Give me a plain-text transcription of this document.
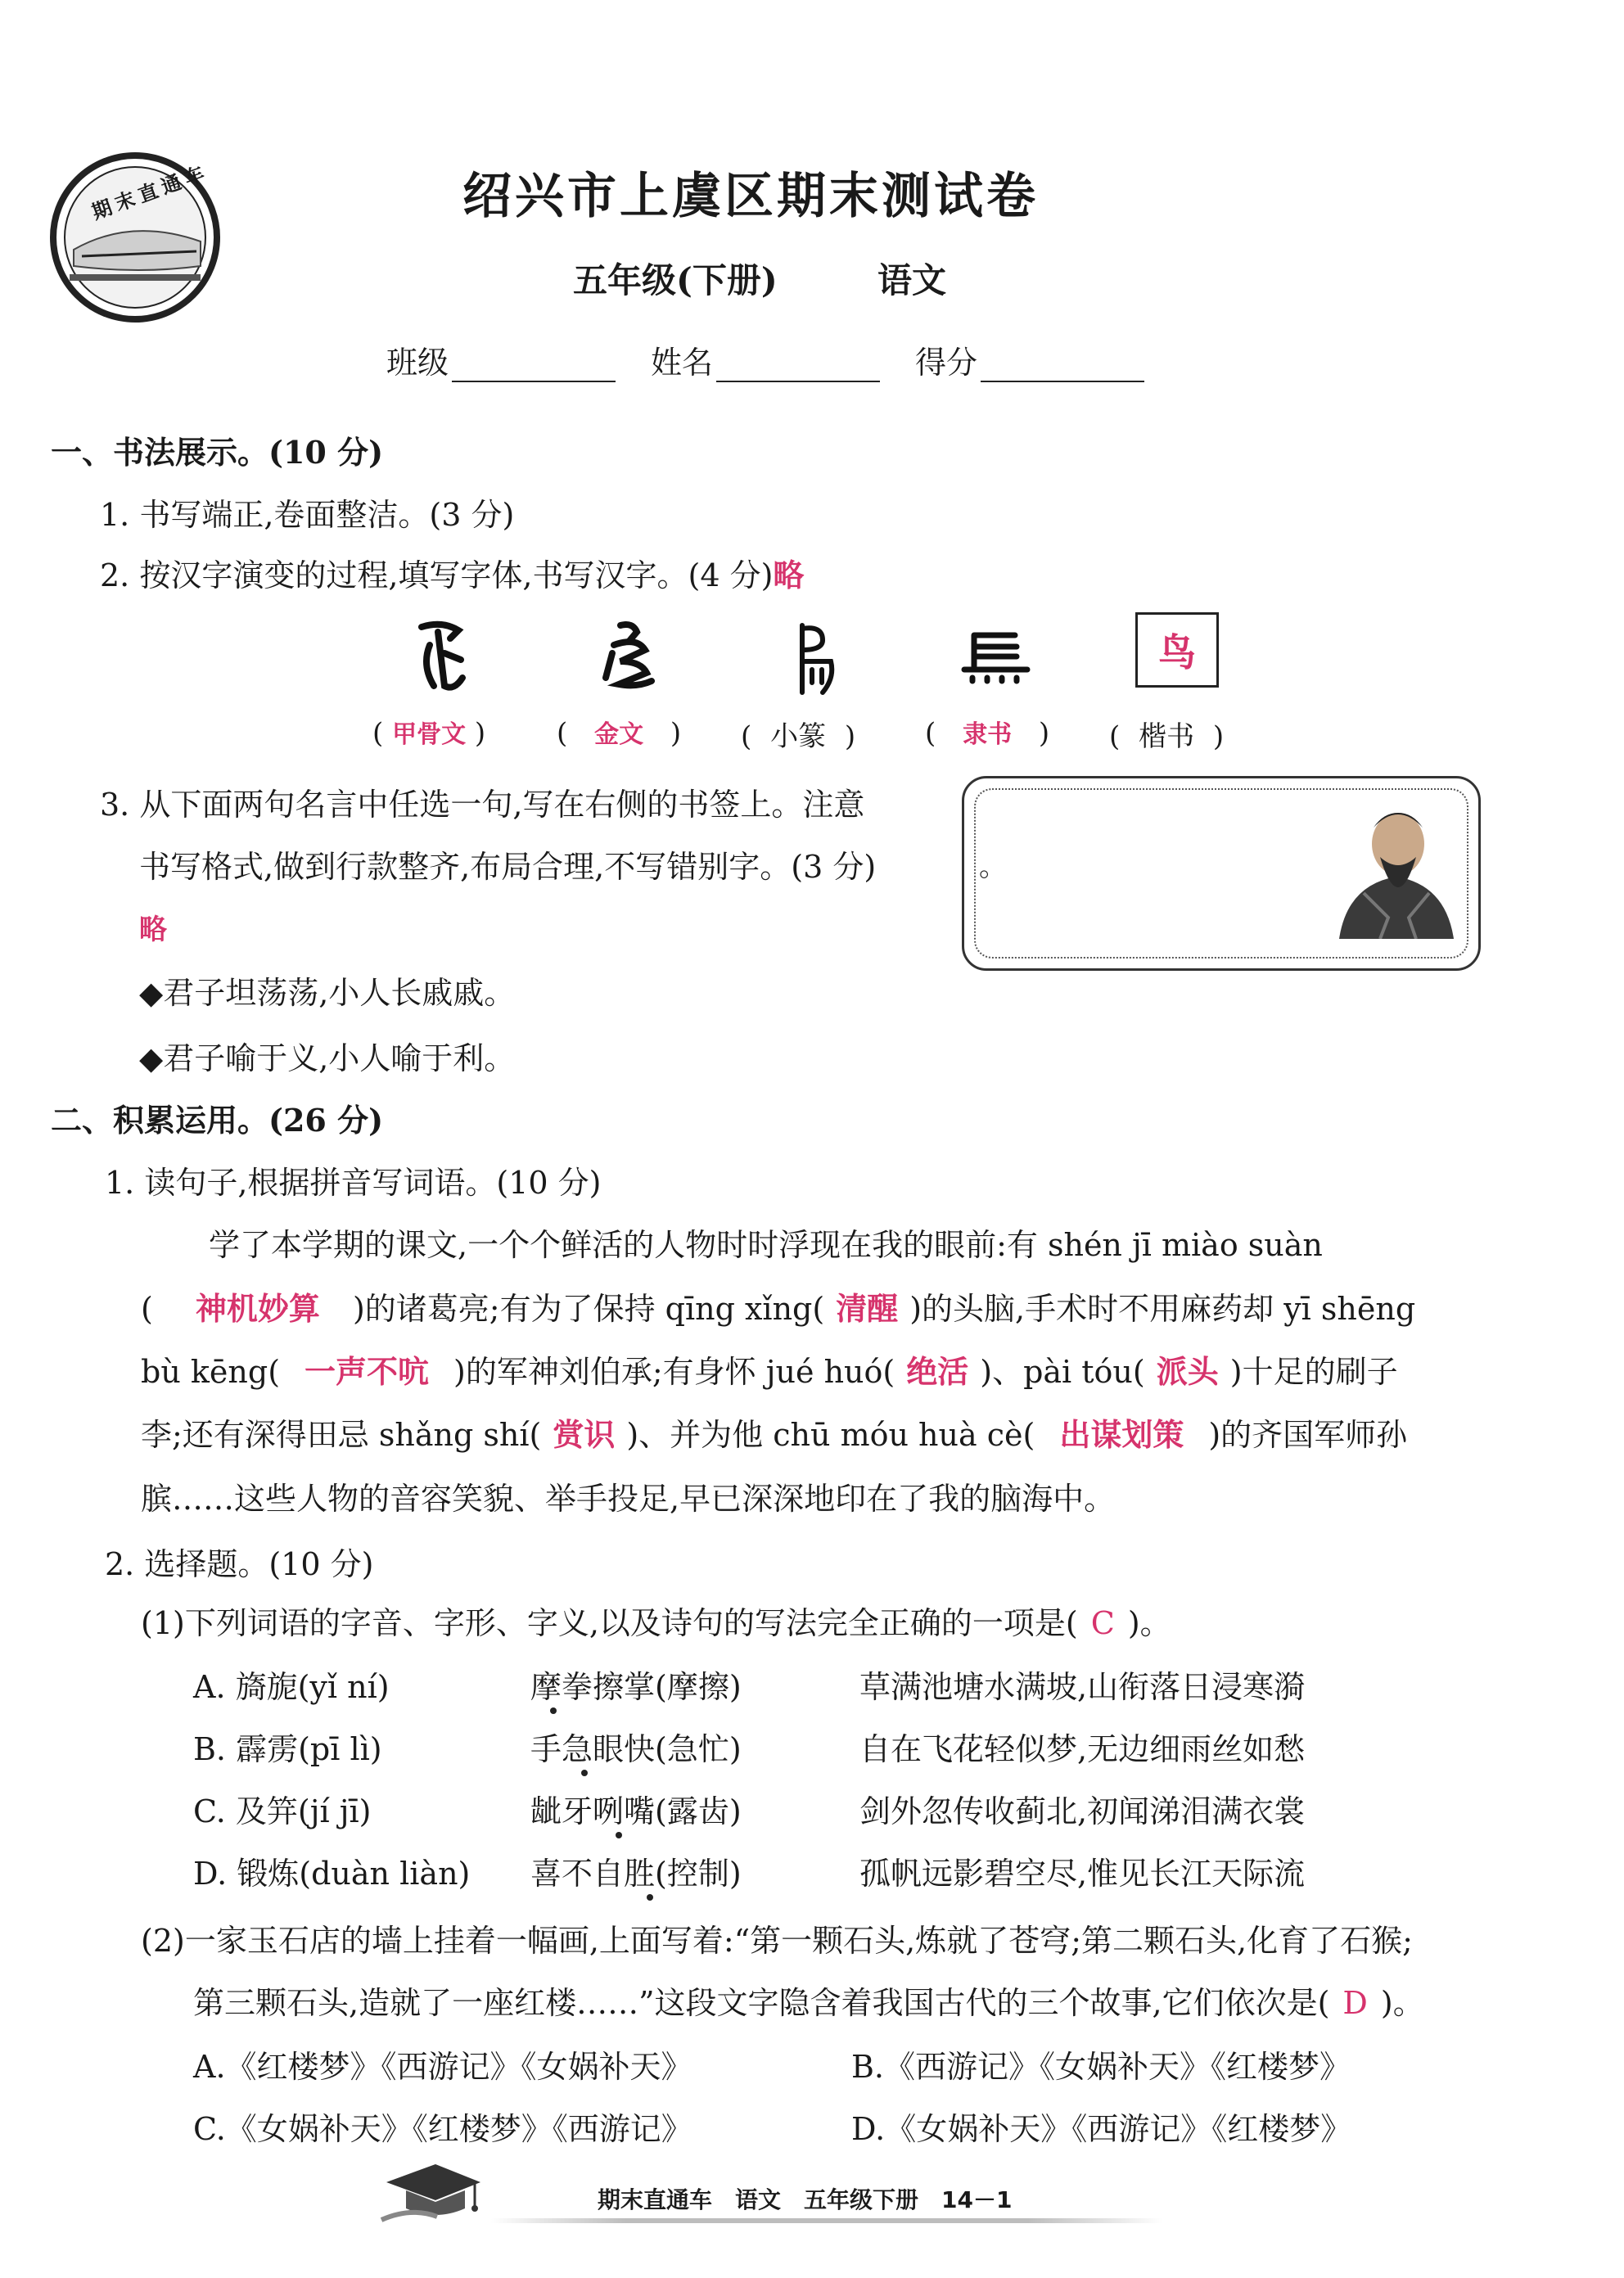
期末直通车	绍兴市上虞区期末测试卷
五年级(下册)	语文
班级	姓名	得分
一、书法展示。(10 分)
1. 书写端正,卷面整洁。(3 分)
2. 按汉字演变的过程,填写字体,书写汉字。(4 分)略
鸟
( 甲骨文 )	( 金文 ) ( 小篆 ) ( 隶书 ) ( 楷书 )
3. 从下面两句名言中任选一句,写在右侧的书签上。注意
书写格式,做到行款整齐,布局合理,不写错别字。(3 分)
略
◆君子坦荡荡,小人长戚戚。
◆君子喻于义,小人喻于利。
。
二、积累运用。(26 分)
1. 读句子,根据拼音写词语。(10 分)
学了本学期的课文,一个个鲜活的人物时时浮现在我的眼前:有 shén jī miào suàn
( 神机妙算 )的诸葛亮;有为了保持 qīng xǐng( 清醒 )的头脑,手术时不用麻药却 yī shēng
bù kēng( 一声不吭 )的军神刘伯承;有身怀 jué huó( 绝活 )、pài tóu( 派头 )十足的刷子
李;还有深得田忌 shǎng shí( 赏识 )、并为他 chū móu huà cè( 出谋划策 )的齐国军师孙
膑……这些人物的音容笑貌、举手投足,早已深深地印在了我的脑海中。
2. 选择题。(10 分)
(1)下列词语的字音、字形、字义,以及诗句的写法完全正确的一项是( C )。
A. 旖旎(yǐ ní)	摩拳擦掌(摩擦)	草满池塘水满坡,山衔落日浸寒漪
B. 霹雳(pī lì)	手急眼快(急忙)	自在飞花轻似梦,无边细雨丝如愁
C. 及笄(jí jī)	龇牙咧嘴(露齿)	剑外忽传收蓟北,初闻涕泪满衣裳
D. 锻炼(duàn liàn) 喜不自胜(控制)	孤帆远影碧空尽,惟见长江天际流
(2)一家玉石店的墙上挂着一幅画,上面写着:“第一颗石头,炼就了苍穹;第二颗石头,化育了石猴;
第三颗石头,造就了一座红楼……”这段文字隐含着我国古代的三个故事,它们依次是( D )。
A.《红楼梦》《西游记》《女娲补天》	B.《西游记》《女娲补天》《红楼梦》
C.《女娲补天》《红楼梦》《西游记》	D.《女娲补天》《西游记》《红楼梦》
期末直通车　语文　五年级下册　14－1
